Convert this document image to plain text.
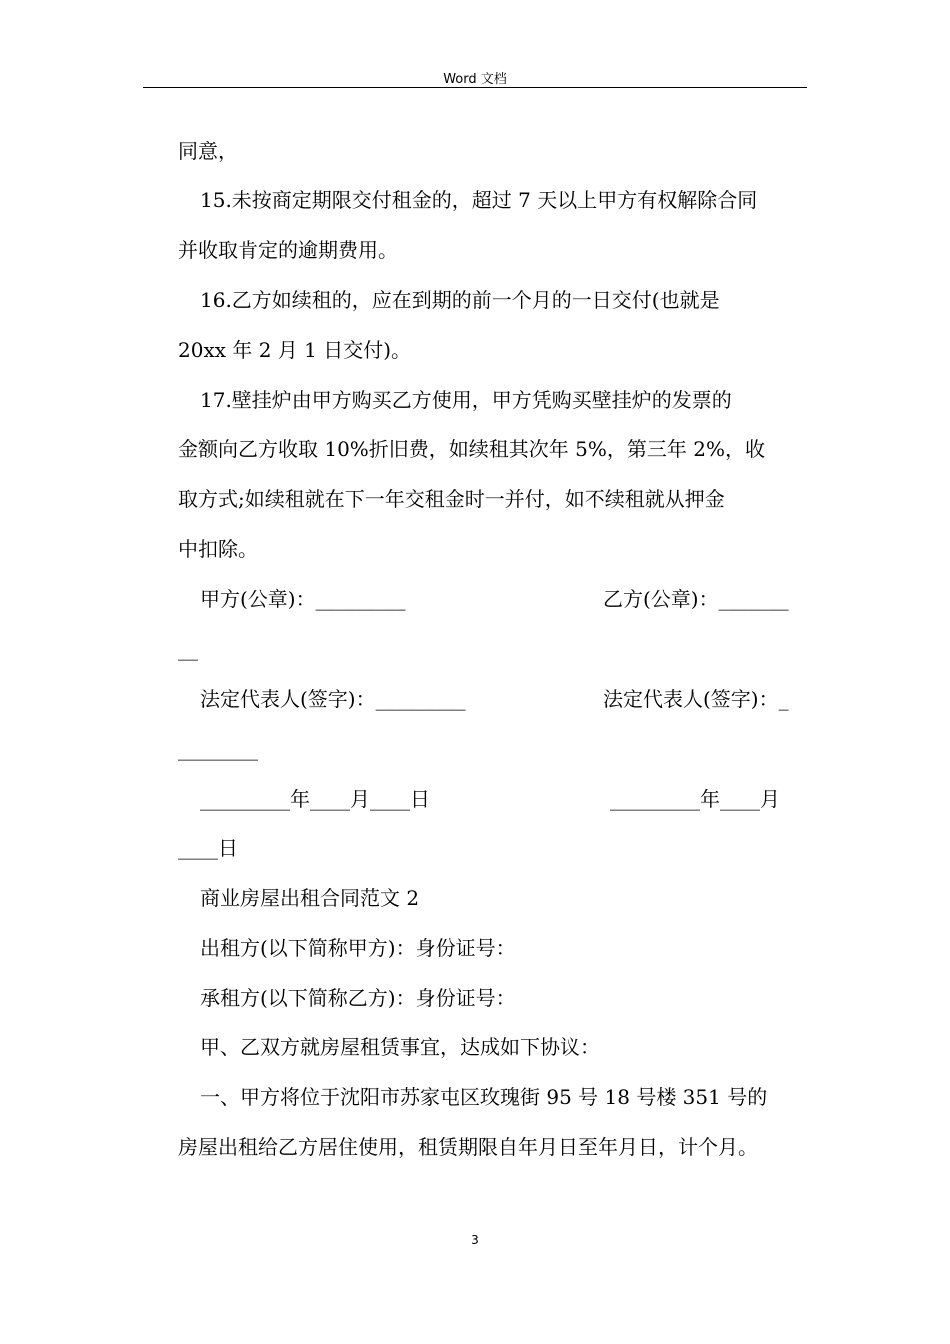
Word 文档
同意，
15.未按商定期限交付租金的，超过 7 天以上甲方有权解除合同
并收取肯定的逾期费用。
16.乙方如续租的，应在到期的前一个月的一日交付(也就是
20xx 年 2 月 1 日交付)。
17.壁挂炉由甲方购买乙方使用，甲方凭购买壁挂炉的发票的
金额向乙方收取 10%折旧费，如续租其次年 5%，第三年 2%，收
取方式;如续租就在下一年交租金时一并付，如不续租就从押金
中扣除。
甲方(公章)：_________	乙方(公章)：_______
__
法定代表人(签字)：_________	法定代表人(签字)：_
________
_________年____月____日	_________年____月
____日
商业房屋出租合同范文 2
出租方(以下简称甲方)：身份证号：
承租方(以下简称乙方)：身份证号：
甲、乙双方就房屋租赁事宜，达成如下协议：
一、甲方将位于沈阳市苏家屯区玫瑰街 95 号 18 号楼 351 号的
房屋出租给乙方居住使用，租赁期限自年月日至年月日，计个月。
3
